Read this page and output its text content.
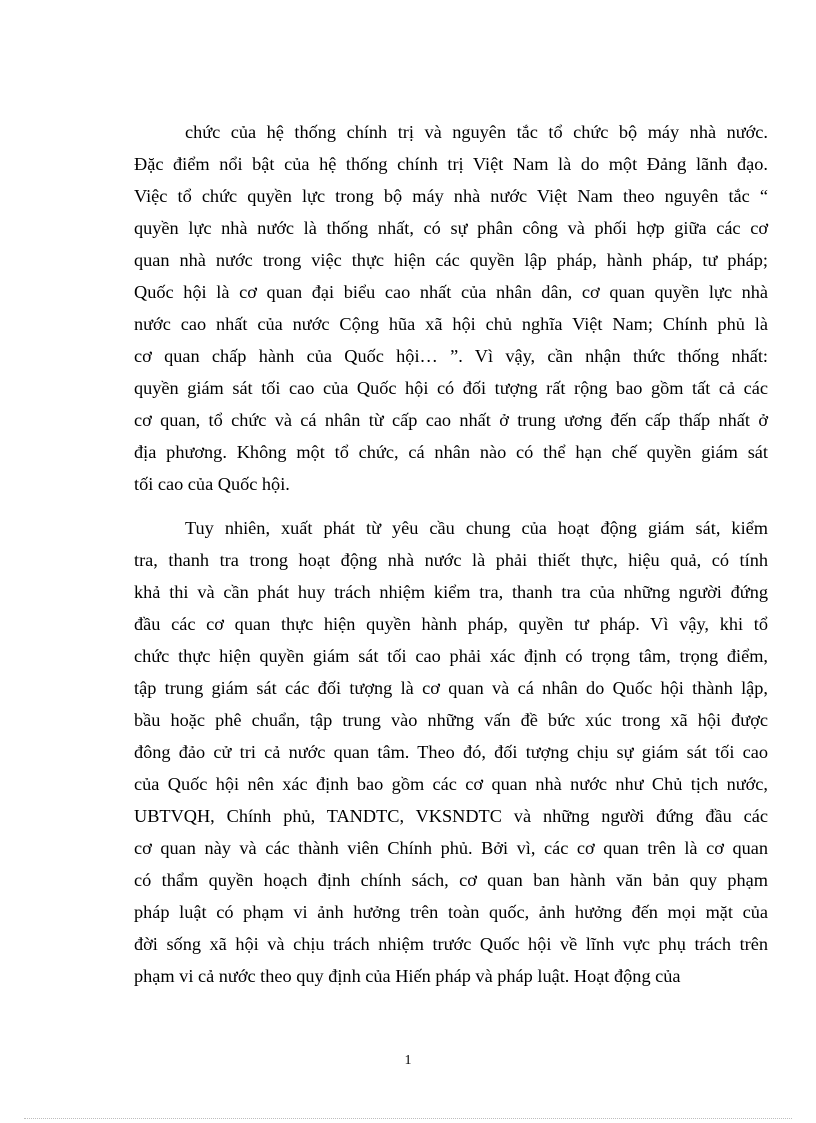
chức của hệ thống chính trị và nguyên tắc tổ chức bộ máy nhà nước.
Đặc điểm nổi bật của hệ thống chính trị Việt Nam là do một Đảng lãnh đạo.
Việc tổ chức quyền lực trong bộ máy nhà nước Việt Nam theo nguyên tắc “
quyền lực nhà nước là thống nhất, có sự phân công và phối hợp giữa các cơ
quan nhà nước trong việc thực hiện các quyền lập pháp, hành pháp, tư pháp;
Quốc hội là cơ quan đại biểu cao nhất của nhân dân, cơ quan quyền lực nhà
nước cao nhất của nước Cộng hũa xã hội chủ nghĩa Việt Nam; Chính phủ là
cơ quan chấp hành của Quốc hội… ”. Vì vậy, cần nhận thức thống nhất:
quyền giám sát tối cao của Quốc hội có đối tượng rất rộng bao gồm tất cả các
cơ quan, tổ chức và cá nhân từ cấp cao nhất ở trung ương đến cấp thấp nhất ở
địa phương. Không một tổ chức, cá nhân nào có thể hạn chế quyền giám sát
tối cao của Quốc hội.
Tuy nhiên, xuất phát từ yêu cầu chung của hoạt động giám sát, kiểm
tra, thanh tra trong hoạt động nhà nước là phải thiết thực, hiệu quả, có tính
khả thi và cần phát huy trách nhiệm kiểm tra, thanh tra của những người đứng
đầu các cơ quan thực hiện quyền hành pháp, quyền tư pháp. Vì vậy, khi tổ
chức thực hiện quyền giám sát tối cao phải xác định có trọng tâm, trọng điểm,
tập trung giám sát các đối tượng là cơ quan và cá nhân do Quốc hội thành lập,
bầu hoặc phê chuẩn, tập trung vào những vấn đề bức xúc trong xã hội được
đông đảo cử tri cả nước quan tâm. Theo đó, đối tượng chịu sự giám sát tối cao
của Quốc hội nên xác định bao gồm các cơ quan nhà nước như Chủ tịch nước,
UBTVQH, Chính phủ, TANDTC, VKSNDTC và những người đứng đầu các
cơ quan này và các thành viên Chính phủ. Bởi vì, các cơ quan trên là cơ quan
có thẩm quyền hoạch định chính sách, cơ quan ban hành văn bản quy phạm
pháp luật có phạm vi ảnh hưởng trên toàn quốc, ảnh hưởng đến mọi mặt của
đời sống xã hội và chịu trách nhiệm trước Quốc hội về lĩnh vực phụ trách trên
phạm vi cả nước theo quy định của Hiến pháp và pháp luật. Hoạt động của
1
